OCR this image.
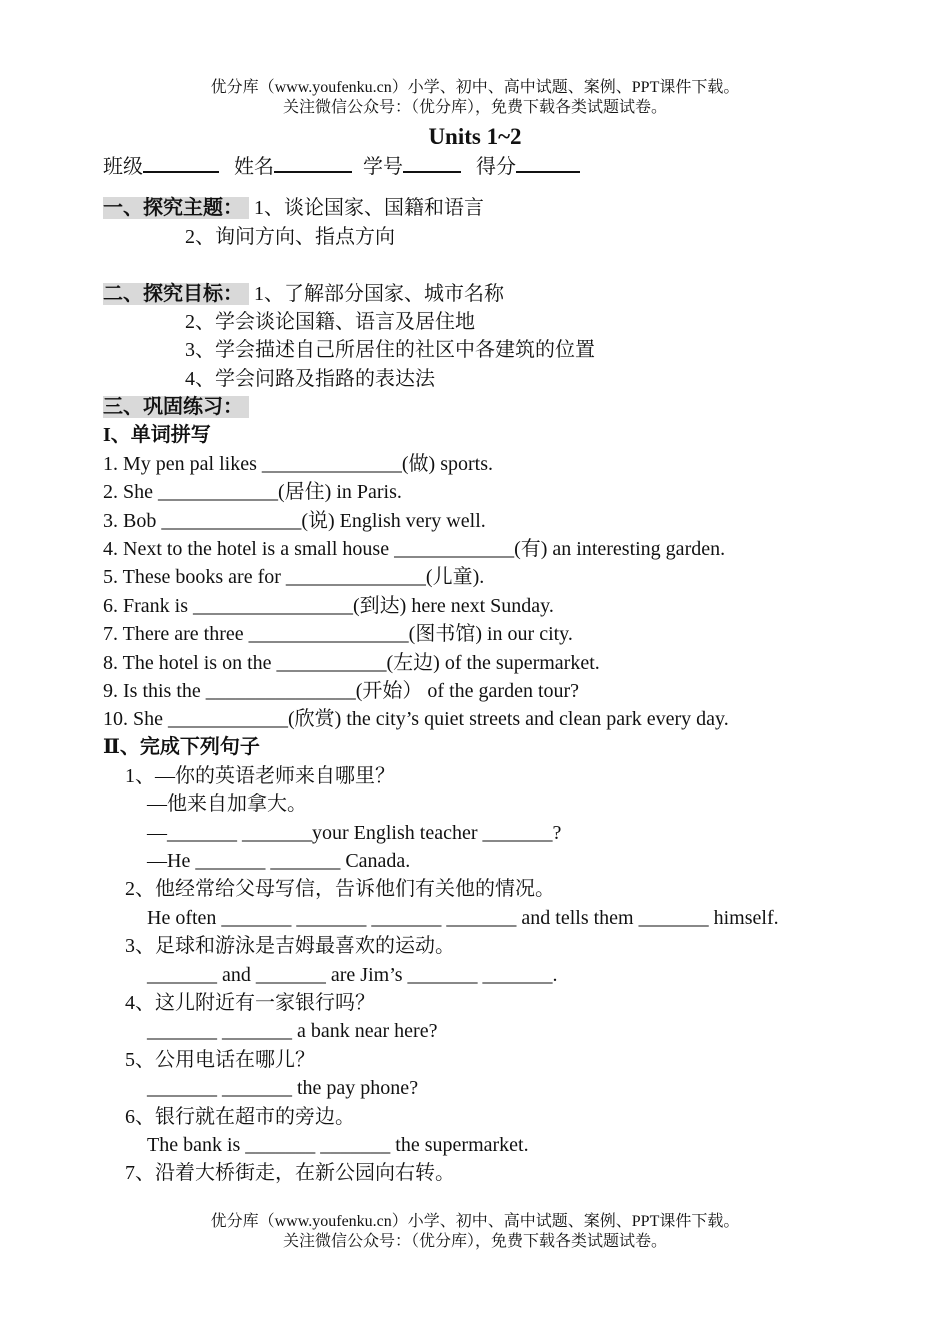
优分库（www.youfenku.cn）小学、初中、高中试题、案例、PPT课件下载。
关注微信公众号：（优分库），免费下载各类试题试卷。
Units 1~2
班级	姓名	学号	得分
一、探究主题： 1、谈论国家、国籍和语言
2、询问方向、指点方向
二、探究目标： 1、了解部分国家、城市名称
2、学会谈论国籍、语言及居住地
3、学会描述自己所居住的社区中各建筑的位置
4、学会问路及指路的表达法
三、巩固练习：
I、单词拼写
1. My pen pal likes ______________(做) sports.
2. She ____________(居住) in Paris.
3. Bob ______________(说) English very well.
4. Next to the hotel is a small house ____________(有) an interesting garden.
5. These books are for ______________(儿童).
6. Frank is ________________(到达) here next Sunday.
7. There are three ________________(图书馆) in our city.
8. The hotel is on the ___________(左边) of the supermarket.
9. Is this the _______________(开始） of the garden tour?
10. She ____________(欣赏) the city’s quiet streets and clean park every day.
Ⅱ、完成下列句子
1、—你的英语老师来自哪里？
—他来自加拿大。
—_______ _______your English teacher _______?
—He _______ _______ Canada.
2、他经常给父母写信，告诉他们有关他的情况。
He often _______ _______ _______ _______ and tells them _______ himself.
3、足球和游泳是吉姆最喜欢的运动。
_______ and _______ are Jim’s _______ _______.
4、这儿附近有一家银行吗？
_______ _______ a bank near here?
5、公用电话在哪儿？
_______ _______ the pay phone?
6、银行就在超市的旁边。
The bank is _______ _______ the supermarket.
7、沿着大桥街走，在新公园向右转。
优分库（www.youfenku.cn）小学、初中、高中试题、案例、PPT课件下载。
关注微信公众号：（优分库），免费下载各类试题试卷。
